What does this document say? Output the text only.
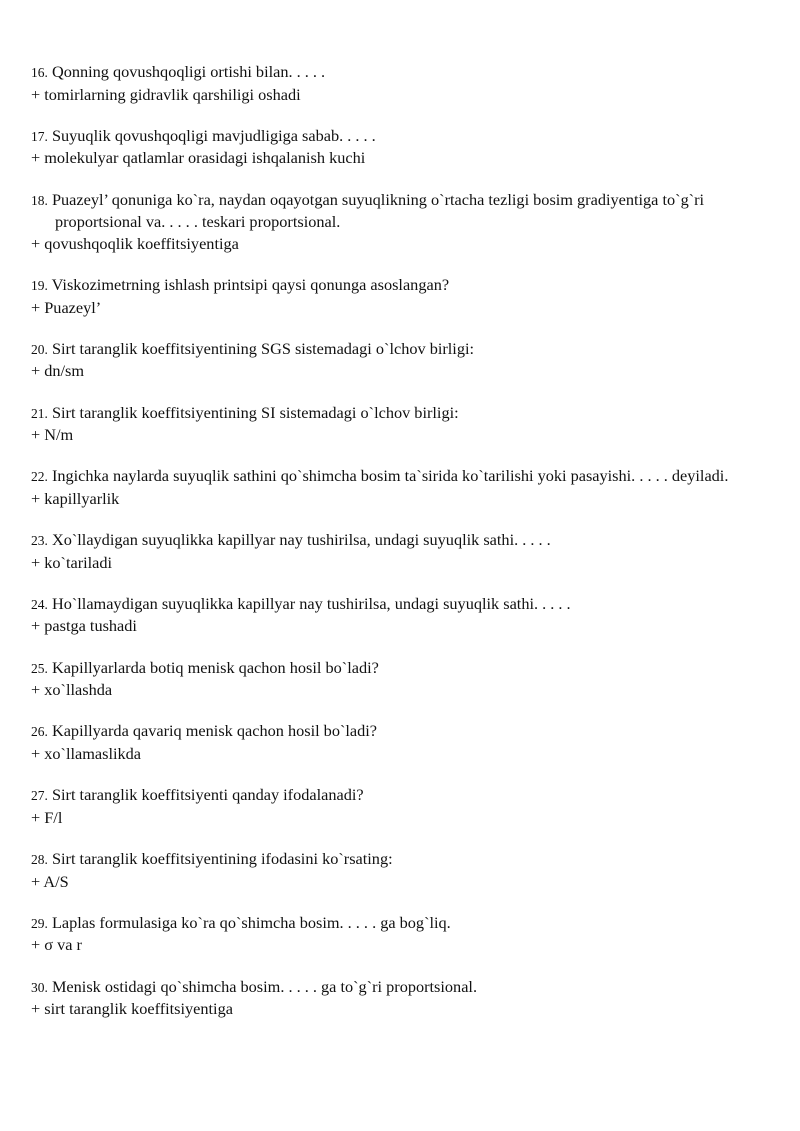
16. Qonning qovushqoqligi ortishi bilan. . . . .
+ tomirlarning gidravlik qarshiligi oshadi
17. Suyuqlik qovushqoqligi mavjudligiga sabab. . . . .
+ molekulyar qatlamlar orasidagi ishqalanish kuchi
18. Puazeyl’ qonuniga ko`ra, naydan oqayotgan suyuqlikning o`rtacha tezligi bosim gradiyentiga to`g`ri proportsional va. . . . . teskari proportsional.
+ qovushqoqlik koeffitsiyentiga
19. Viskozimetrning ishlash printsipi qaysi qonunga asoslangan?
+ Puazeyl’
20. Sirt taranglik koeffitsiyentining SGS sistemadagi o`lchov birligi:
+ dn/sm
21. Sirt taranglik koeffitsiyentining SI sistemadagi o`lchov birligi:
+ N/m
22. Ingichka naylarda suyuqlik sathini qo`shimcha bosim ta`sirida ko`tarilishi yoki pasayishi. . . . . deyiladi.
+ kapillyarlik
23. Xo`llaydigan suyuqlikka kapillyar nay tushirilsa, undagi suyuqlik sathi. . . . .
+ ko`tariladi
24. Ho`llamaydigan suyuqlikka kapillyar nay tushirilsa, undagi suyuqlik sathi. . . . .
+ pastga tushadi
25. Kapillyarlarda botiq menisk qachon hosil bo`ladi?
+ xo`llashda
26. Kapillyarda qavariq menisk qachon hosil bo`ladi?
+ xo`llamaslikda
27. Sirt taranglik koeffitsiyenti qanday ifodalanadi?
+ F/l
28. Sirt taranglik koeffitsiyentining ifodasini ko`rsating:
+ A/S
29. Laplas formulasiga ko`ra qo`shimcha bosim. . . . . ga bog`liq.
+ σ va r
30. Menisk ostidagi qo`shimcha bosim. . . . . ga to`g`ri proportsional.
+ sirt taranglik koeffitsiyentiga
